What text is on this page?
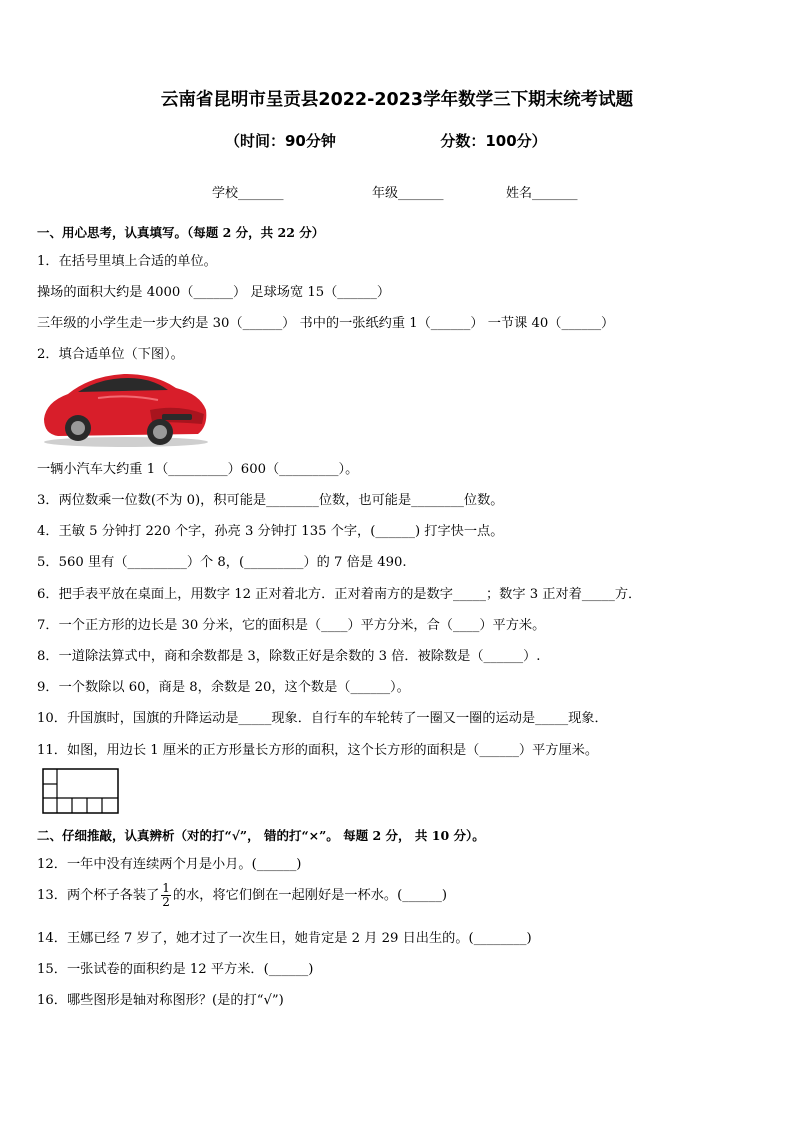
云南省昆明市呈贡县2022-2023学年数学三下期末统考试题
（时间：90分钟                    分数：100分）
学校_______	年级_______	姓名_______
一、用心思考，认真填写。（每题 2 分，共 22 分）
1．在括号里填上合适的单位。
操场的面积大约是 4000（______） 足球场宽 15（______）
三年级的小学生走一步大约是 30（______） 书中的一张纸约重 1（______） 一节课 40（______）
2．填合适单位（下图）。
一辆小汽车大约重 1（_________）600（_________）。
3．两位数乘一位数(不为 0)，积可能是________位数，也可能是________位数。
4．王敏 5 分钟打 220 个字，孙亮 3 分钟打 135 个字，(______) 打字快一点。
5．560 里有（_________）个 8，(_________）的 7 倍是 490.
6．把手表平放在桌面上，用数字 12 正对着北方．正对着南方的是数字_____；数字 3 正对着_____方．
7．一个正方形的边长是 30 分米，它的面积是（____）平方分米，合（____）平方米。
8．一道除法算式中，商和余数都是 3，除数正好是余数的 3 倍．被除数是（______）.
9．一个数除以 60，商是 8，余数是 20，这个数是（______）。
10．升国旗时，国旗的升降运动是_____现象．自行车的车轮转了一圈又一圈的运动是_____现象．
11．如图，用边长 1 厘米的正方形量长方形的面积，这个长方形的面积是（______）平方厘米。
二、仔细推敲，认真辨析（对的打“√”， 错的打“×”。 每题 2 分， 共 10 分）。
12．一年中没有连续两个月是小月。(______)
13．两个杯子各装了 $\frac{1}{2}$ 的水，将它们倒在一起刚好是一杯水。(______)
14．王娜已经 7 岁了，她才过了一次生日，她肯定是 2 月 29 日出生的。(________)
15．一张试卷的面积约是 12 平方米．(______)
16．哪些图形是轴对称图形？(是的打“√”)
